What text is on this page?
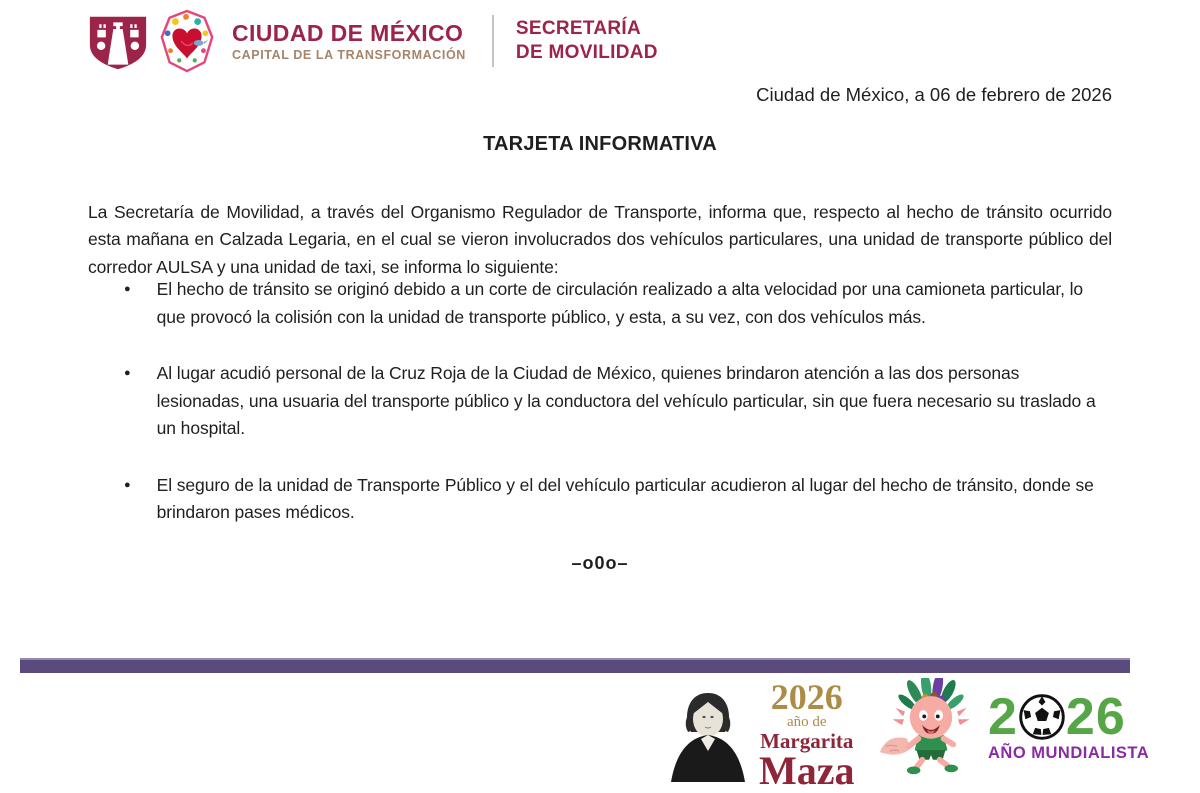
CIUDAD DE MÉXICO
CAPITAL DE LA TRANSFORMACIÓN
SECRETARÍA
DE MOVILIDAD
Ciudad de México, a 06 de febrero de 2026
TARJETA INFORMATIVA

La Secretaría de Movilidad, a través del Organismo Regulador de Transporte, informa que, respecto al hecho de tránsito ocurrido esta mañana en Calzada Legaria, en el cual se vieron involucrados dos vehículos particulares, una unidad de transporte público del corredor AULSA y una unidad de taxi, se informa lo siguiente:

● El hecho de tránsito se originó debido a un corte de circulación realizado a alta velocidad por una camioneta particular, lo que provocó la colisión con la unidad de transporte público, y esta, a su vez, con dos vehículos más.
● Al lugar acudió personal de la Cruz Roja de la Ciudad de México, quienes brindaron atención a las dos personas lesionadas, una usuaria del transporte público y la conductora del vehículo particular, sin que fuera necesario su traslado a un hospital.
● El seguro de la unidad de Transporte Público y el del vehículo particular acudieron al lugar del hecho de tránsito, donde se brindaron pases médicos.
–o0o–
2026
año de
Margarita
Maza
2 26
AÑO MUNDIALISTA
